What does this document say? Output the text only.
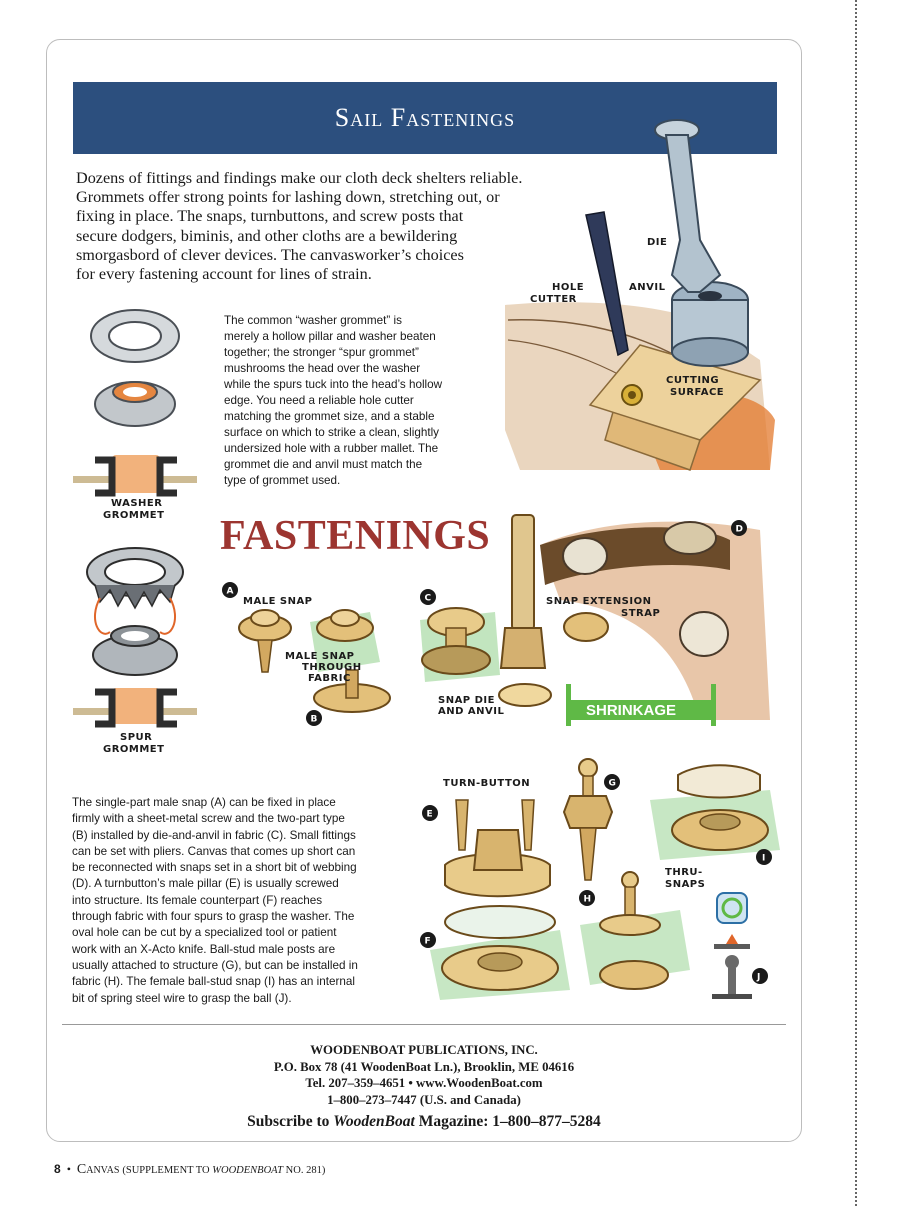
Sail Fastenings

Dozens of fittings and findings make our cloth deck shelters reliable.
Grommets offer strong points for lashing down, stretching out, or
fixing in place. The snaps, turnbuttons, and screw posts that
secure dodgers, biminis, and other cloths are a bewildering
smorgasbord of clever devices. The canvasworker’s choices
for every fastening account for lines of strain.

The common “washer grommet” is
merely a hollow pillar and washer beaten
together; the stronger “spur grommet”
mushrooms the head over the washer
while the spurs tuck into the head’s hollow
edge. You need a reliable hole cutter
matching the grommet size, and a stable
surface on which to strike a clean, slightly
undersized hole with a rubber mallet. The
grommet die and anvil must match the
type of grommet used.

FASTENINGS
DIE
HOLE
CUTTER
ANVIL
CUTTING
SURFACE
WASHER
GROMMET
SPUR
GROMMET
A
MALE SNAP
MALE SNAP
THROUGH
FABRIC
B
C
SNAP DIE
AND ANVIL
D
SNAP EXTENSION
STRAP
SHRINKAGE
TURN-BUTTON
E
F
G
H
I
THRU-
SNAPS
J

The single-part male snap (A) can be fixed in place
firmly with a sheet-metal screw and the two-part type
(B) installed by die-and-anvil in fabric (C). Small fittings
can be set with pliers. Canvas that comes up short can
be reconnected with snaps set in a short bit of webbing
(D). A turnbutton’s male pillar (E) is usually screwed
into structure. Its female counterpart (F) reaches
through fabric with four spurs to grasp the washer. The
oval hole can be cut by a specialized tool or patient
work with an X-Acto knife. Ball-stud male posts are
usually attached to structure (G), but can be installed in
fabric (H). The female ball-stud snap (I) has an internal
bit of spring steel wire to grasp the ball (J).

WOODENBOAT PUBLICATIONS, INC.
P.O. Box 78 (41 WoodenBoat Ln.), Brooklin, ME 04616
Tel. 207–359–4651 • www.WoodenBoat.com
1–800–273–7447 (U.S. and Canada)
Subscribe to WoodenBoat Magazine: 1–800–877–5284
8 • Canvas (SUPPLEMENT TO WOODENBOAT NO. 281)
